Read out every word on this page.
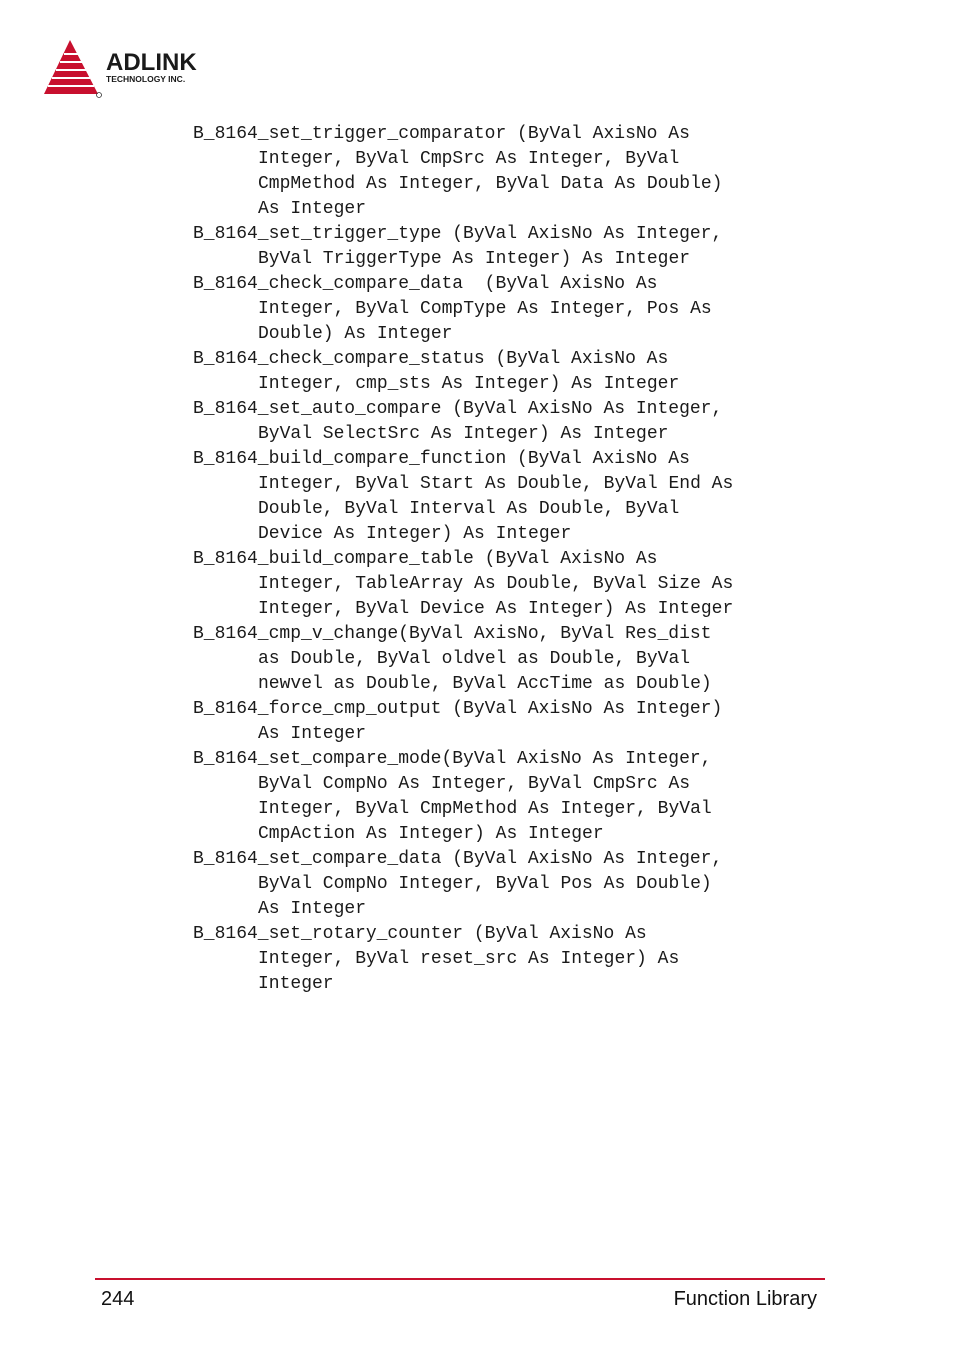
ADLINK
TECHNOLOGY INC.
B_8164_set_trigger_comparator (ByVal AxisNo As
Integer, ByVal CmpSrc As Integer, ByVal
CmpMethod As Integer, ByVal Data As Double)
As Integer
B_8164_set_trigger_type (ByVal AxisNo As Integer,
ByVal TriggerType As Integer) As Integer
B_8164_check_compare_data  (ByVal AxisNo As
Integer, ByVal CompType As Integer, Pos As
Double) As Integer
B_8164_check_compare_status (ByVal AxisNo As
Integer, cmp_sts As Integer) As Integer
B_8164_set_auto_compare (ByVal AxisNo As Integer,
ByVal SelectSrc As Integer) As Integer
B_8164_build_compare_function (ByVal AxisNo As
Integer, ByVal Start As Double, ByVal End As
Double, ByVal Interval As Double, ByVal
Device As Integer) As Integer
B_8164_build_compare_table (ByVal AxisNo As
Integer, TableArray As Double, ByVal Size As
Integer, ByVal Device As Integer) As Integer
B_8164_cmp_v_change(ByVal AxisNo, ByVal Res_dist
as Double, ByVal oldvel as Double, ByVal
newvel as Double, ByVal AccTime as Double)
B_8164_force_cmp_output (ByVal AxisNo As Integer)
As Integer
B_8164_set_compare_mode(ByVal AxisNo As Integer,
ByVal CompNo As Integer, ByVal CmpSrc As
Integer, ByVal CmpMethod As Integer, ByVal
CmpAction As Integer) As Integer
B_8164_set_compare_data (ByVal AxisNo As Integer,
ByVal CompNo Integer, ByVal Pos As Double)
As Integer
B_8164_set_rotary_counter (ByVal AxisNo As
Integer, ByVal reset_src As Integer) As
Integer
244	Function Library
